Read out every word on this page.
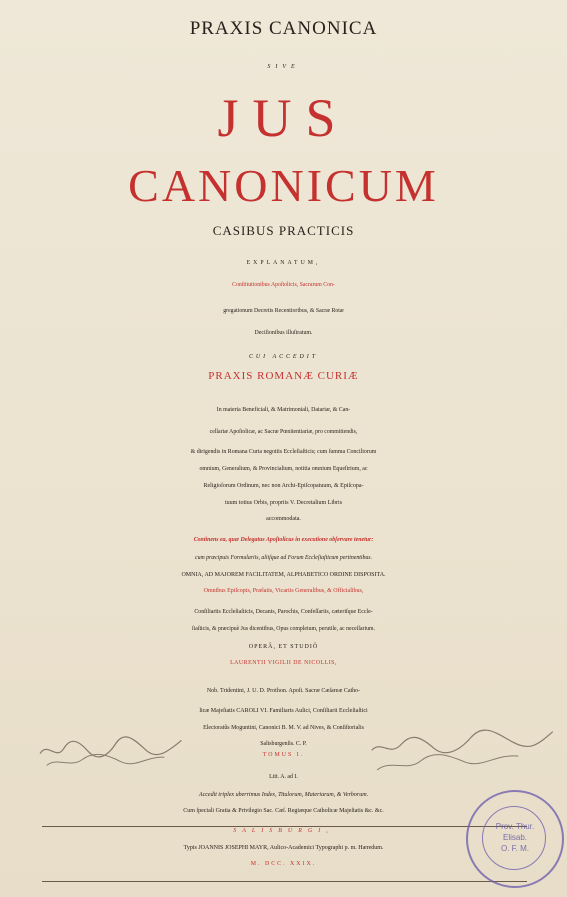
PRAXIS CANONICA
SIVE
JUS
CANONICUM
CASIBUS PRACTICIS
EXPLANATUM,
Conſtitutionibus Apoſtolicis, Sacrarum Con-
gregationum Decretis Recentioribus, & Sacræ Rotæ
Deciſionibus illuſtratum.
CUI ACCEDIT
PRAXIS ROMANÆ CURIÆ
In materia Beneficiali, & Matrimoniali, Datariæ, & Can-
cellariæ Apoſtolicæ, ac Sacræ Pœnitentiariæ, pro committendis,
& dirigendis in Romana Curia negotiis Eccleſiaſticis; cum ſumma Conciliorum
omnium, Generalium, & Provincialium, notitia omnium Equeſtrium, ac
Religioſorum Ordinum, nec non Archi-Epiſcopatuum, & Epiſcopa-
tuum totius Orbis, propriis V. Decretalium Libris
accommodata.
Continens ea, quæ Delegatus Apoſtolicus in executione obſervare tenetur:
cum præcipuis Formulariis, aliiſque ad Forum Eccleſiaſticum pertinentibus.
OMNIA, AD MAJOREM FACILITATEM, ALPHABETICO ORDINE DISPOSITA.
Omnibus Epiſcopis, Prælatis, Vicariis Generalibus, & Officialibus,
Conſiliariis Eccleſiaſticis, Decanis, Parochis, Confeſſariis, cæteriſque Eccle-
ſiaſticis, & præcipuè Jus dicentibus, Opus completum, perutile, ac neceſſarium.
OPERÂ, ET STUDIÔ
LAURENTII VIGILII DE NICOLLIS,
Nob. Tridentini, J. U. D. Prothon. Apoſt. Sacræ Cæſareæ Catho-
licæ Majeſtatis CAROLI VI. Familiaris Aulici, Conſiliarii Eccleſiaſtici
Electoratûs Moguntini, Canonici B. M. V. ad Nives, & Conſiſtorialis
Salisburgenſis. C. P.
TOMUS I.
Litt. A. ad I.
Accedit triplex uberrimus Index, Titulorum, Materiarum, & Verborum.
Cum ſpeciali Gratia & Privilegio Sac. Cæſ. Regiæque Catholicæ Majeſtatis &c. &c.
SALISBURGI,
Typis JOANNIS JOSEPHI MAYR, Aulico-Academici Typographi p. m. Hæredum.
M. DCC. XXIX.
Prov. Thur.
Elisab.
O. F. M.
